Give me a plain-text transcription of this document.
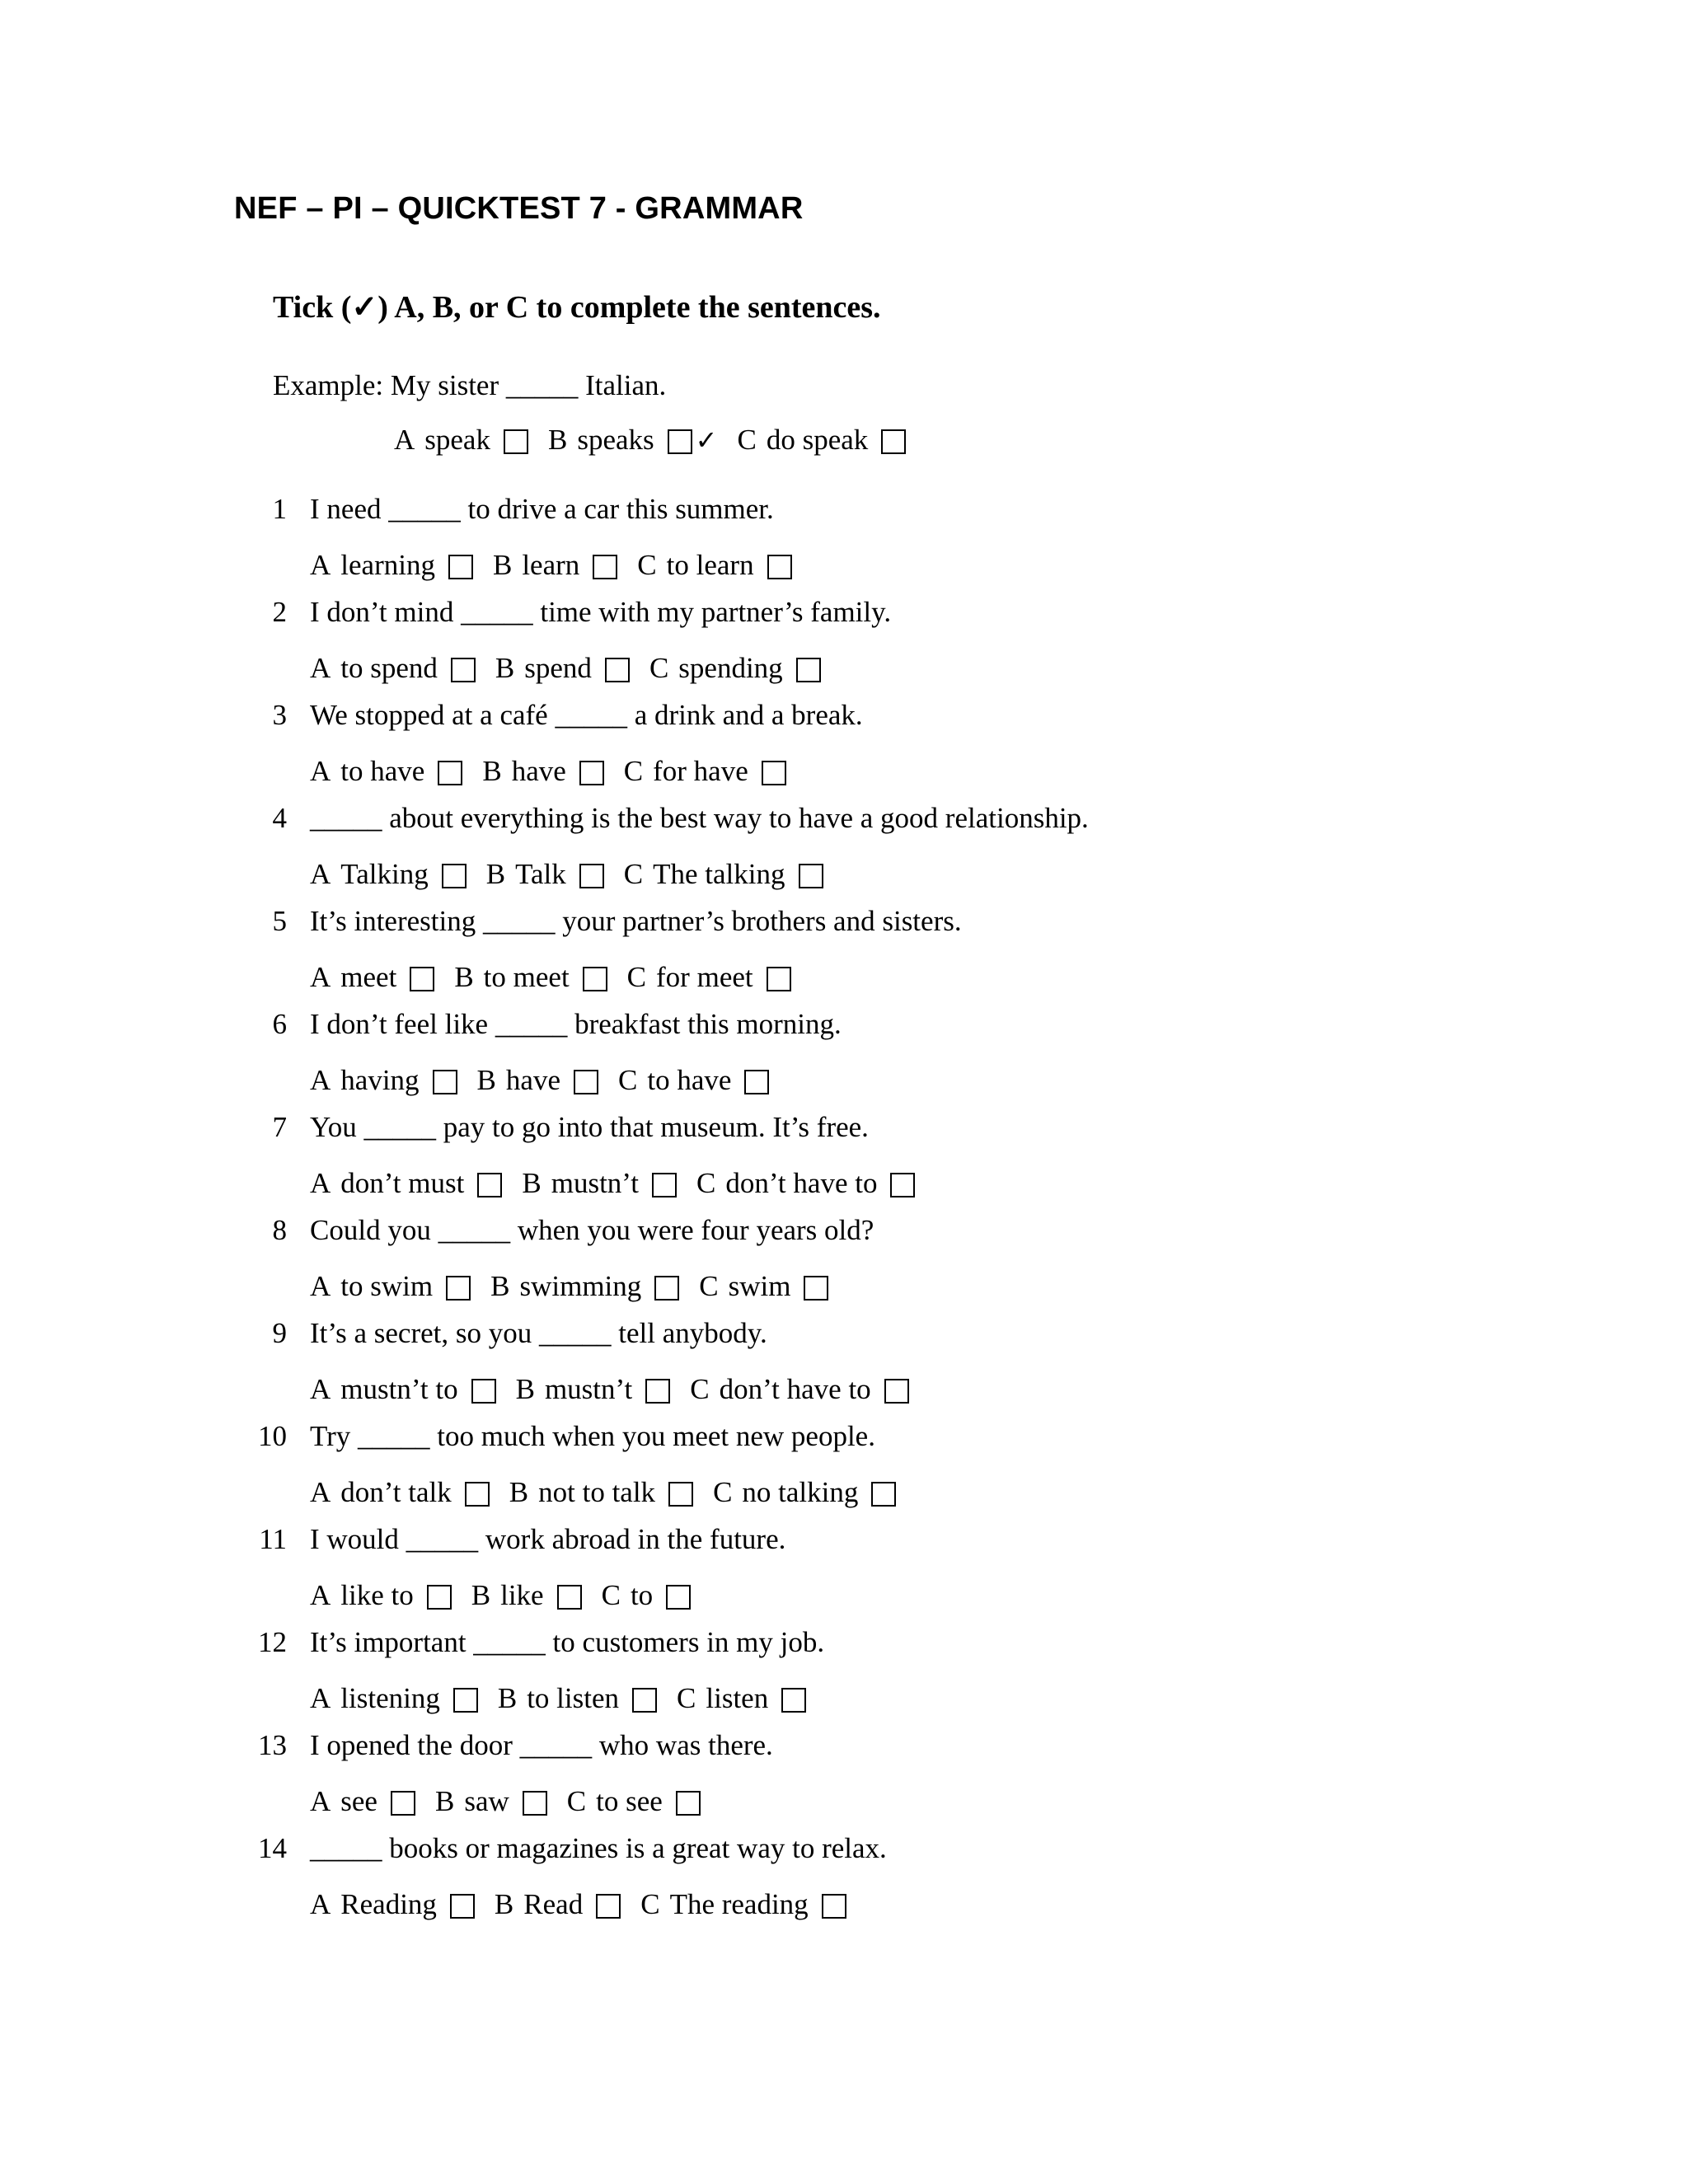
NEF – PI – QUICKTEST 7 - GRAMMAR
Tick (✓) A, B, or C to complete the sentences.
Example: My sister _____ Italian.
A speak B speaks ✓ C do speak
1 I need _____ to drive a car this summer.
A learning B learn C to learn
2 I don’t mind _____ time with my partner’s family.
A to spend B spend C spending
3 We stopped at a café _____ a drink and a break.
A to have B have C for have
4 _____ about everything is the best way to have a good relationship.
A Talking B Talk C The talking
5 It’s interesting _____ your partner’s brothers and sisters.
A meet B to meet C for meet
6 I don’t feel like _____ breakfast this morning.
A having B have C to have
7 You _____ pay to go into that museum. It’s free.
A don’t must B mustn’t C don’t have to
8 Could you _____ when you were four years old?
A to swim B swimming C swim
9 It’s a secret, so you _____ tell anybody.
A mustn’t to B mustn’t C don’t have to
10 Try _____ too much when you meet new people.
A don’t talk B not to talk C no talking
11 I would _____ work abroad in the future.
A like to B like C to
12 It’s important _____ to customers in my job.
A listening B to listen C listen
13 I opened the door _____ who was there.
A see B saw C to see
14 _____ books or magazines is a great way to relax.
A Reading B Read C The reading
